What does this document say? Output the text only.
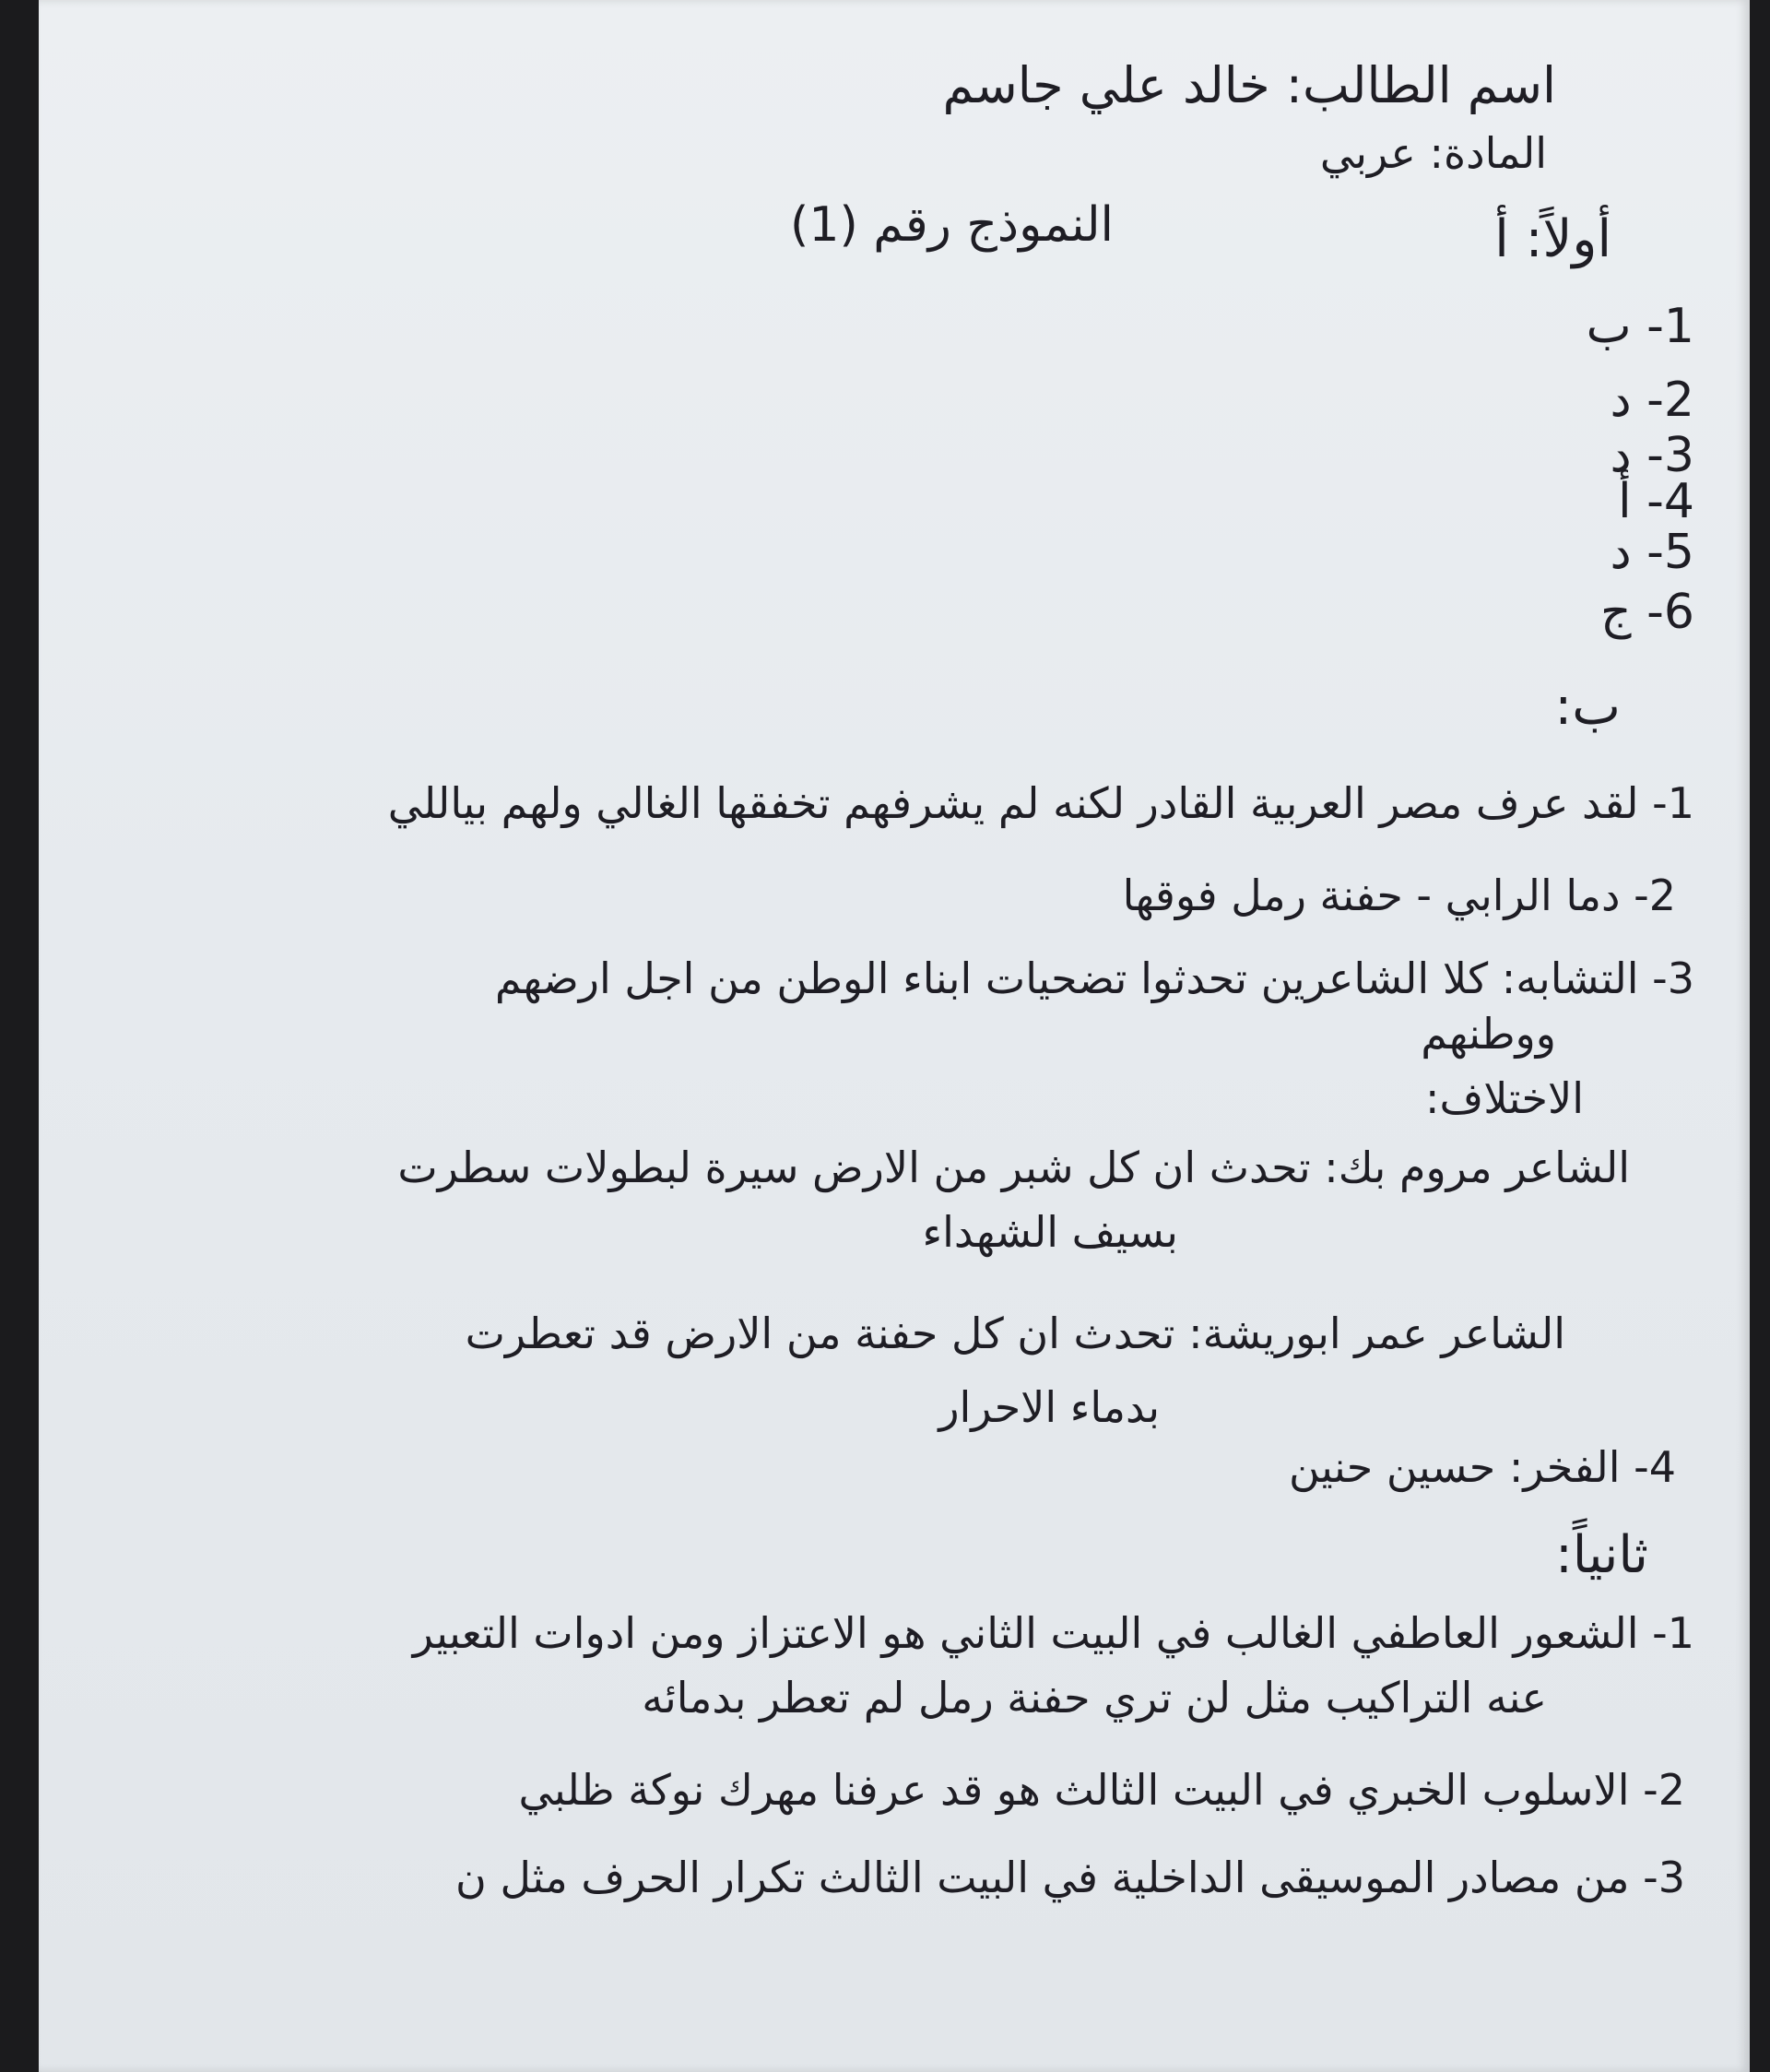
اسم الطالب: خالد علي جاسم
المادة: عربي
النموذج رقم (1)	أولاً: أ
1- ب
2- د
3- د
4- أ
5- د
6- ج
ب:
1- لقد عرف مصر العربية القادر لكنه لم يشرفهم تخفقها الغالي ولهم بياللي
2- دما الرابي - حفنة رمل فوقها
3- التشابه: كلا الشاعرين تحدثوا تضحيات ابناء الوطن من اجل ارضهم
ووطنهم
الاختلاف:
الشاعر مروم بك: تحدث ان كل شبر من الارض سيرة لبطولات سطرت
بسيف الشهداء
الشاعر عمر ابوريشة: تحدث ان كل حفنة من الارض قد تعطرت
بدماء الاحرار
4- الفخر: حسين حنين
ثانياً:
1- الشعور العاطفي الغالب في البيت الثاني هو الاعتزاز ومن ادوات التعبير
عنه التراكيب مثل لن تري حفنة رمل لم تعطر بدمائه
2- الاسلوب الخبري في البيت الثالث هو قد عرفنا مهرك نوكة ظلبي
3- من مصادر الموسيقى الداخلية في البيت الثالث تكرار الحرف مثل ن
